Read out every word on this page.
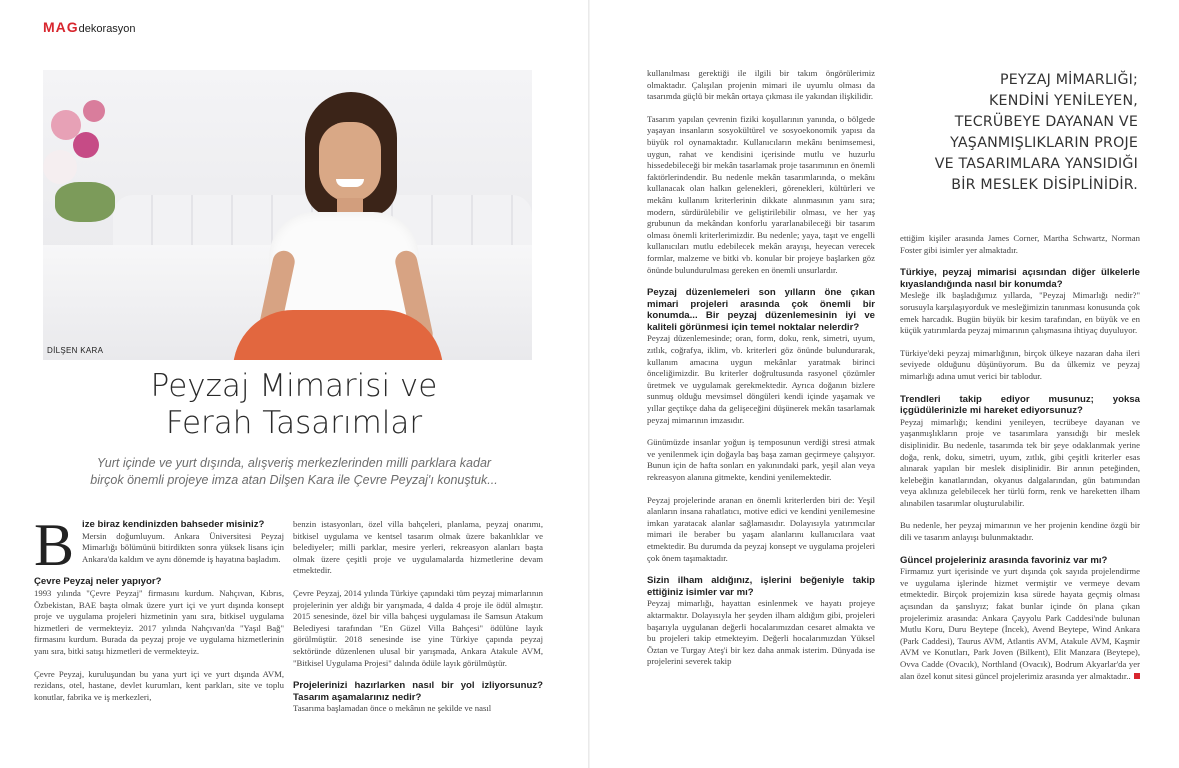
MAGdekorasyon
DİLŞEN KARA
Peyzaj Mimarisi ve
Ferah Tasarımlar
Yurt içinde ve yurt dışında, alışveriş merkezlerinden milli parklara kadar
birçok önemli projeye imza atan Dilşen Kara ile Çevre Peyzaj'ı konuştuk...
B ize biraz kendinizden bahseder misiniz?

Mersin doğumluyum. Ankara Üniversitesi Peyzaj Mimarlığı bölümünü bitirdikten sonra yüksek lisans için Ankara'da kaldım ve aynı dönemde iş hayatına başladım.

Çevre Peyzaj neler yapıyor?

1993 yılında "Çevre Peyzaj" firmasını kurdum. Nahçıvan, Kıbrıs, Özbekistan, BAE başta olmak üzere yurt içi ve yurt dışında konsept proje ve uygulama projeleri hizmetinin yanı sıra, bitkisel uygulama hizmetleri de vermekteyiz. 2017 yılında Nahçıvan'da "Yaşıl Bağ" firmasını kurdum. Burada da peyzaj proje ve uygulama hizmetlerinin yanı sıra, bitki satışı hizmetleri de vermekteyiz.

Çevre Peyzaj, kuruluşundan bu yana yurt içi ve yurt dışında AVM, rezidans, otel, hastane, devlet kurumları, kent parkları, site ve toplu konutlar, fabrika ve iş merkezleri,

benzin istasyonları, özel villa bahçeleri, planlama, peyzaj onarımı, bitkisel uygulama ve kentsel tasarım olmak üzere bakanlıklar ve belediyeler; milli parklar, mesire yerleri, rekreasyon alanları başta olmak üzere çeşitli proje ve uygulamalarda hizmetlerine devam etmektedir.

Çevre Peyzaj, 2014 yılında Türkiye çapındaki tüm peyzaj mimarlarının projelerinin yer aldığı bir yarışmada, 4 dalda 4 proje ile ödül almıştır. 2015 senesinde, özel bir villa bahçesi uygulaması ile Samsun Atakum Belediyesi tarafından "En Güzel Villa Bahçesi" ödülüne layık görülmüştür. 2018 senesinde ise yine Türkiye çapında peyzaj sektöründe düzenlenen ulusal bir yarışmada, Ankara Atakule AVM, "Bitkisel Uygulama Projesi" dalında ödüle layık görülmüştür.

Projelerinizi hazırlarken nasıl bir yol izliyorsunuz? Tasarım aşamalarınız nedir?

Tasarıma başlamadan önce o mekânın ne şekilde ve nasıl

kullanılması gerektiği ile ilgili bir takım öngörülerimiz olmaktadır. Çalışılan projenin mimari ile uyumlu olması da tasarımda güçlü bir mekân ortaya çıkması ile yakından ilişkilidir.

Tasarım yapılan çevrenin fiziki koşullarının yanında, o bölgede yaşayan insanların sosyokültürel ve sosyoekonomik yapısı da büyük rol oynamaktadır. Kullanıcıların mekânı benimsemesi, uygun, rahat ve kendisini içerisinde mutlu ve huzurlu hissedebileceği bir mekân tasarlamak proje tasarımının en önemli faktörlerindendir. Bu nedenle mekân tasarımlarında, o mekânı kullanacak olan halkın gelenekleri, görenekleri, kültürleri ve mekânı kullanım kriterlerinin dikkate alınmasının yanı sıra; modern, sürdürülebilir ve geliştirilebilir olması, ve her yaş grubunun da mekândan konforlu yararlanabileceği bir tasarım olması önemli kriterlerimizdir. Bu nedenle; yaya, taşıt ve engelli kullanıcıları mutlu edebilecek mekân arayışı, heyecan verecek formlar, malzeme ve bitki vb. konular bir projeye başlarken göz önünde bulundurulması gereken en önemli unsurlardır.

Peyzaj düzenlemeleri son yılların öne çıkan mimari projeleri arasında çok önemli bir konumda... Bir peyzaj düzenlemesinin iyi ve kaliteli görünmesi için temel noktalar nelerdir?

Peyzaj düzenlemesinde; oran, form, doku, renk, simetri, uyum, zıtlık, coğrafya, iklim, vb. kriterleri göz önünde bulundurarak, kullanım amacına uygun mekânlar yaratmak birinci önceliğimizdir. Bu kriterler doğrultusunda rasyonel çözümler üretmek ve uygulamak gerekmektedir. Ayrıca doğanın bizlere sunmuş olduğu mevsimsel döngüleri kendi içinde yaşamak ve yıllar geçtikçe daha da gelişeceğini düşünerek mekân tasarlamak peyzaj mimarının imzasıdır.

Günümüzde insanlar yoğun iş temposunun verdiği stresi atmak ve yenilenmek için doğayla baş başa zaman geçirmeye çalışıyor. Bunun için de hafta sonları en yakınındaki park, yeşil alan veya rekreasyon alanına gitmekte, kendini yenilemektedir.

Peyzaj projelerinde aranan en önemli kriterlerden biri de: Yeşil alanların insana rahatlatıcı, motive edici ve kendini yenilemesine imkan yaratacak alanlar sağlamasıdır. Dolayısıyla yatırımcılar mimari ile beraber bu yaşam alanlarını kullanıcılara vaat etmektedir. Bu durumda da peyzaj konsept ve uygulama projeleri çok önem taşımaktadır.

Sizin ilham aldığınız, işlerini beğeniyle takip ettiğiniz isimler var mı?

Peyzaj mimarlığı, hayattan esinlenmek ve hayatı projeye aktarmaktır. Dolayısıyla her şeyden ilham aldığım gibi, projeleri başarıyla uygulanan değerli hocalarımızdan cesaret almakta ve bu projeleri takip etmekteyim. Değerli hocalarımızdan Yüksel Öztan ve Turgay Ateş'i bir kez daha anmak isterim. Dünyada ise projelerini severek takip

PEYZAJ MİMARLIĞI;
KENDİNİ YENİLEYEN,
TECRÜBEYE DAYANAN VE
YAŞANMIŞLIKLARIN PROJE
VE TASARIMLARA YANSIDIĞI
BİR MESLEK DİSİPLİNİDİR.

ettiğim kişiler arasında James Corner, Martha Schwartz, Norman Foster gibi isimler yer almaktadır.

Türkiye, peyzaj mimarisi açısından diğer ülkelerle kıyaslandığında nasıl bir konumda?

Mesleğe ilk başladığımız yıllarda, "Peyzaj Mimarlığı nedir?" sorusuyla karşılaşıyorduk ve mesleğimizin tanınması konusunda çok emek harcadık. Bugün büyük bir kesim tarafından, en büyük ve en küçük yatırımlarda peyzaj mimarının çalışmasına ihtiyaç duyuluyor.

Türkiye'deki peyzaj mimarlığının, birçok ülkeye nazaran daha ileri seviyede olduğunu düşünüyorum. Bu da ülkemiz ve peyzaj mimarlığı adına umut verici bir tablodur.

Trendleri takip ediyor musunuz; yoksa içgüdülerinizle mi hareket ediyorsunuz?

Peyzaj mimarlığı; kendini yenileyen, tecrübeye dayanan ve yaşanmışlıkların proje ve tasarımlara yansıdığı bir meslek disiplinidir. Bu nedenle, tasarımda tek bir şeye odaklanmak yerine doğa, renk, doku, simetri, uyum, zıtlık, gibi çeşitli kriterler esas alınarak yapılan bir meslek disiplinidir. Bir arının peteğinden, kelebeğin kanatlarından, okyanus dalgalarından, gün batımından veya aklınıza gelebilecek her türlü form, renk ve hareketten ilham alınabilen tasarımlar oluşturulabilir.

Bu nedenle, her peyzaj mimarının ve her projenin kendine özgü bir dili ve tasarım anlayışı bulunmaktadır.

Güncel projeleriniz arasında favoriniz var mı?

Firmamız yurt içerisinde ve yurt dışında çok sayıda projelendirme ve uygulama işlerinde hizmet vermiştir ve vermeye devam etmektedir. Birçok projemizin kısa sürede hayata geçmiş olması açısından da şanslıyız; fakat bunlar içinde ön plana çıkan projelerimiz arasında: Ankara Çayyolu Park Caddesi'nde bulunan Mutlu Koru, Duru Beytepe (İncek), Avend Beytepe, Wind Ankara (Park Caddesi), Taurus AVM, Atlantis AVM, Atakule AVM, Kaşmir AVM ve Konutları, Park Joven (Bilkent), Elit Manzara (Beytepe), Ovva Cadde (Ovacık), Northland (Ovacık), Bodrum Akyarlar'da yer alan özel konut sitesi güncel projelerimiz arasında yer almaktadır..
